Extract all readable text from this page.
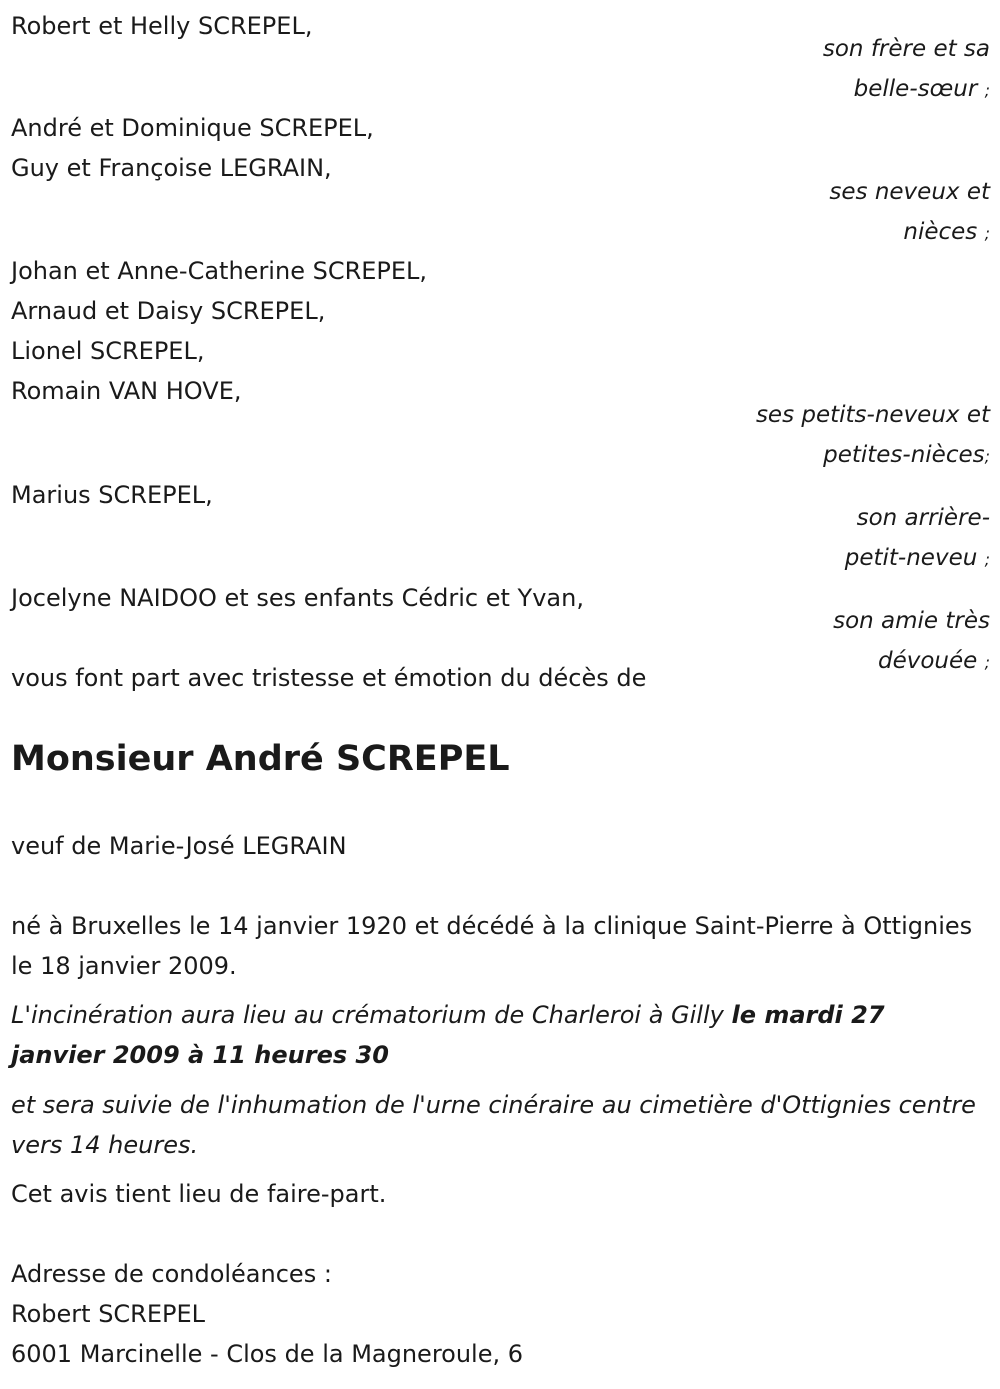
Robert et Helly SCREPEL,
son frère et sa
belle-sœur ;
André et Dominique SCREPEL,
Guy et Françoise LEGRAIN,
ses neveux et
nièces ;
Johan et Anne-Catherine SCREPEL,
Arnaud et Daisy SCREPEL,
Lionel SCREPEL,
Romain VAN HOVE,
ses petits-neveux et
petites-nièces;
Marius SCREPEL,
son arrière-
petit-neveu ;
Jocelyne NAIDOO et ses enfants Cédric et Yvan,
son amie très
dévouée ;
vous font part avec tristesse et émotion du décès de
Monsieur André SCREPEL
veuf de Marie-José LEGRAIN
né à Bruxelles le 14 janvier 1920 et décédé à la clinique Saint-Pierre à Ottignies le 18 janvier 2009.
L'incinération aura lieu au crématorium de Charleroi à Gilly le mardi 27 janvier 2009 à 11 heures 30
et sera suivie de l'inhumation de l'urne cinéraire au cimetière d'Ottignies centre vers 14 heures.
Cet avis tient lieu de faire-part.
Adresse de condoléances :
Robert SCREPEL
6001 Marcinelle - Clos de la Magneroule, 6
